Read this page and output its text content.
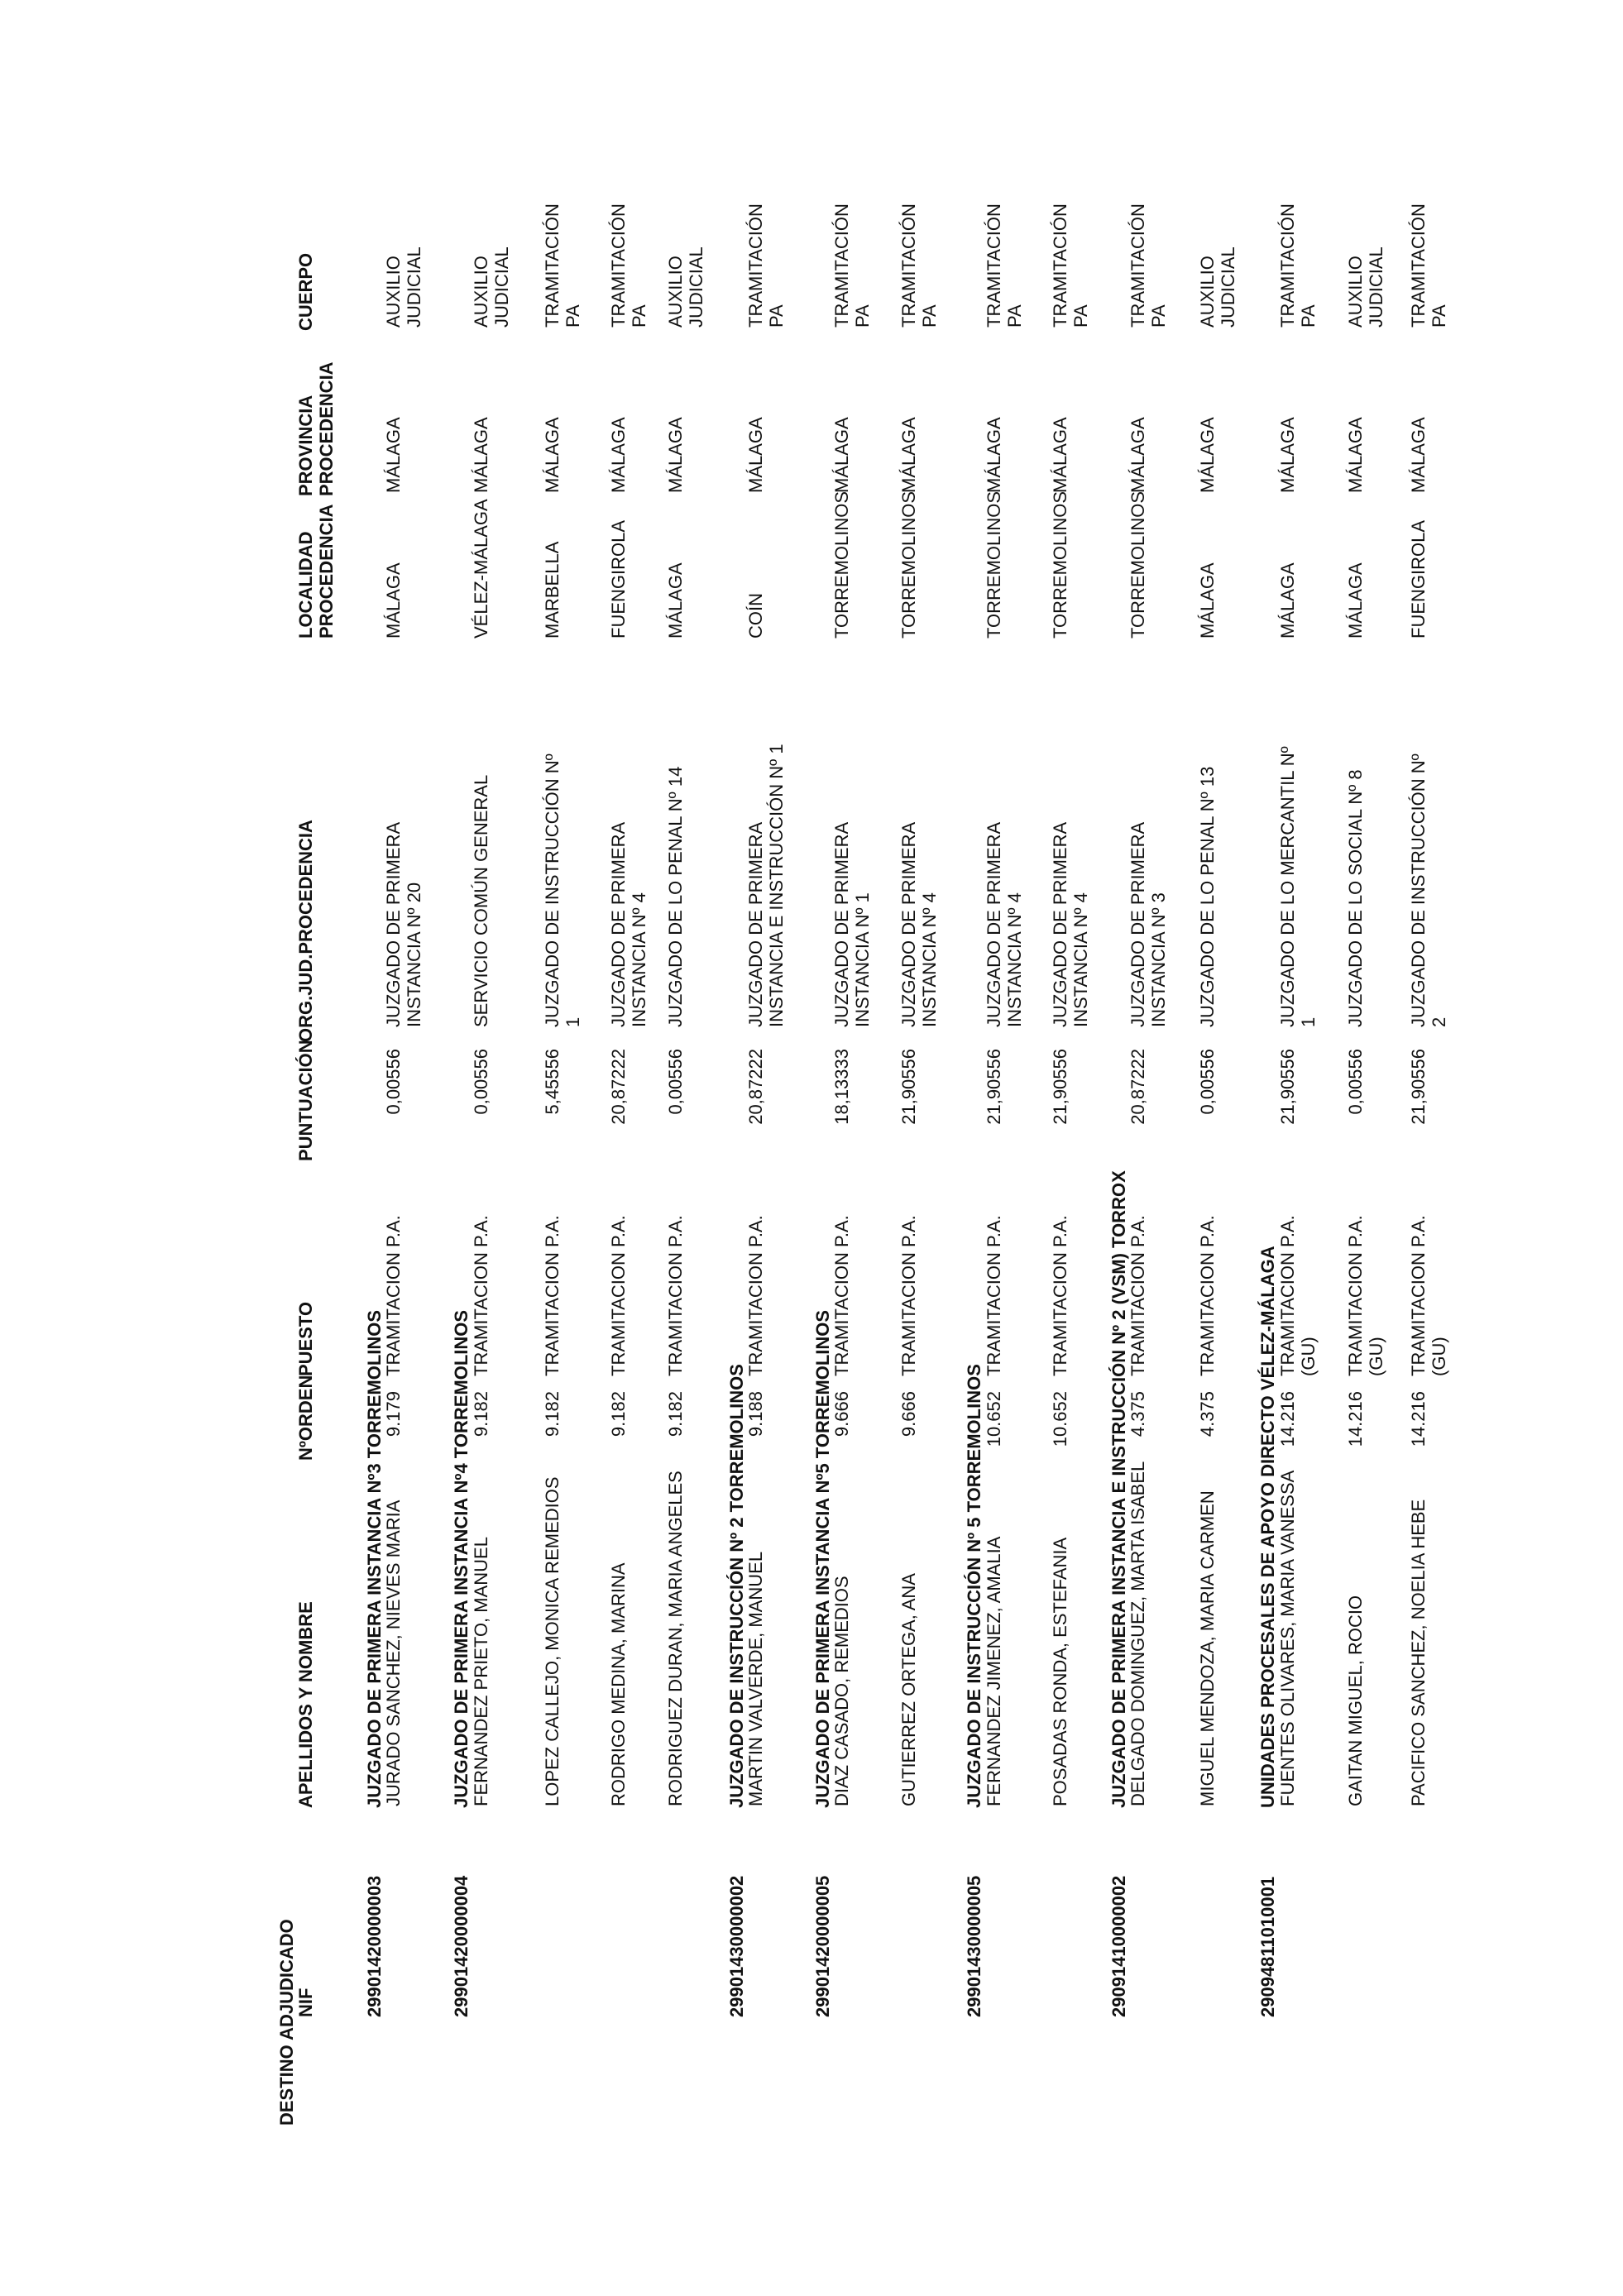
DESTINO ADJUDICADO
NIF
APELLIDOS Y NOMBRE
NºORDEN
PUESTO
PUNTUACIÓN
ORG.JUD.PROCEDENCIA
LOCALIDAD
PROCEDENCIA
PROVINCIA
PROCEDENCIA
CUERPO
29901420000003
JUZGADO DE PRIMERA INSTANCIA Nº3 TORREMOLINOS
29901420000004
JUZGADO DE PRIMERA INSTANCIA Nº4 TORREMOLINOS
29901430000002
JUZGADO DE INSTRUCCIÓN Nº 2 TORREMOLINOS
29901420000005
JUZGADO DE PRIMERA INSTANCIA Nº5 TORREMOLINOS
29901430000005
JUZGADO DE INSTRUCCIÓN Nº 5 TORREMOLINOS
29091410000002
JUZGADO DE PRIMERA INSTANCIA E INSTRUCCIÓN Nº 2 (VSM) TORROX
29094811010001
UNIDADES PROCESALES DE APOYO DIRECTO VÉLEZ-MÁLAGA
JURADO SANCHEZ, NIEVES MARIA
9.179
TRAMITACION P.A.
0,00556
JUZGADO DE PRIMERA
INSTANCIA Nº 20
MÁLAGA
MÁLAGA
AUXILIO
JUDICIAL
FERNANDEZ PRIETO, MANUEL
9.182
TRAMITACION P.A.
0,00556
SERVICIO COMÚN GENERAL
VÉLEZ-MÁLAGA
MÁLAGA
AUXILIO
JUDICIAL
LOPEZ CALLEJO, MONICA REMEDIOS
9.182
TRAMITACION P.A.
5,45556
JUZGADO DE INSTRUCCIÓN Nº
1
MARBELLA
MÁLAGA
TRAMITACIÓN
PA
RODRIGO MEDINA, MARINA
9.182
TRAMITACION P.A.
20,87222
JUZGADO DE PRIMERA
INSTANCIA Nº 4
FUENGIROLA
MÁLAGA
TRAMITACIÓN
PA
RODRIGUEZ DURAN, MARIA ANGELES
9.182
TRAMITACION P.A.
0,00556
JUZGADO DE LO PENAL Nº 14
MÁLAGA
MÁLAGA
AUXILIO
JUDICIAL
MARTIN VALVERDE, MANUEL
9.188
TRAMITACION P.A.
20,87222
JUZGADO DE PRIMERA
INSTANCIA E INSTRUCCIÓN Nº 1
COÍN
MÁLAGA
TRAMITACIÓN
PA
DIAZ CASADO, REMEDIOS
9.666
TRAMITACION P.A.
18,13333
JUZGADO DE PRIMERA
INSTANCIA Nº 1
TORREMOLINOS
MÁLAGA
TRAMITACIÓN
PA
GUTIERREZ ORTEGA, ANA
9.666
TRAMITACION P.A.
21,90556
JUZGADO DE PRIMERA
INSTANCIA Nº 4
TORREMOLINOS
MÁLAGA
TRAMITACIÓN
PA
FERNANDEZ JIMENEZ, AMALIA
10.652
TRAMITACION P.A.
21,90556
JUZGADO DE PRIMERA
INSTANCIA Nº 4
TORREMOLINOS
MÁLAGA
TRAMITACIÓN
PA
POSADAS RONDA, ESTEFANIA
10.652
TRAMITACION P.A.
21,90556
JUZGADO DE PRIMERA
INSTANCIA Nº 4
TORREMOLINOS
MÁLAGA
TRAMITACIÓN
PA
DELGADO DOMINGUEZ, MARTA ISABEL
4.375
TRAMITACION P.A.
20,87222
JUZGADO DE PRIMERA
INSTANCIA Nº 3
TORREMOLINOS
MÁLAGA
TRAMITACIÓN
PA
MIGUEL MENDOZA, MARIA CARMEN
4.375
TRAMITACION P.A.
0,00556
JUZGADO DE LO PENAL Nº 13
MÁLAGA
MÁLAGA
AUXILIO
JUDICIAL
FUENTES OLIVARES, MARIA VANESSA
14.216
TRAMITACION P.A.
(GU)
21,90556
JUZGADO DE LO MERCANTIL Nº
1
MÁLAGA
MÁLAGA
TRAMITACIÓN
PA
GAITAN MIGUEL, ROCIO
14.216
TRAMITACION P.A.
(GU)
0,00556
JUZGADO DE LO SOCIAL Nº 8
MÁLAGA
MÁLAGA
AUXILIO
JUDICIAL
PACIFICO SANCHEZ, NOELIA HEBE
14.216
TRAMITACION P.A.
(GU)
21,90556
JUZGADO DE INSTRUCCIÓN Nº
2
FUENGIROLA
MÁLAGA
TRAMITACIÓN
PA
